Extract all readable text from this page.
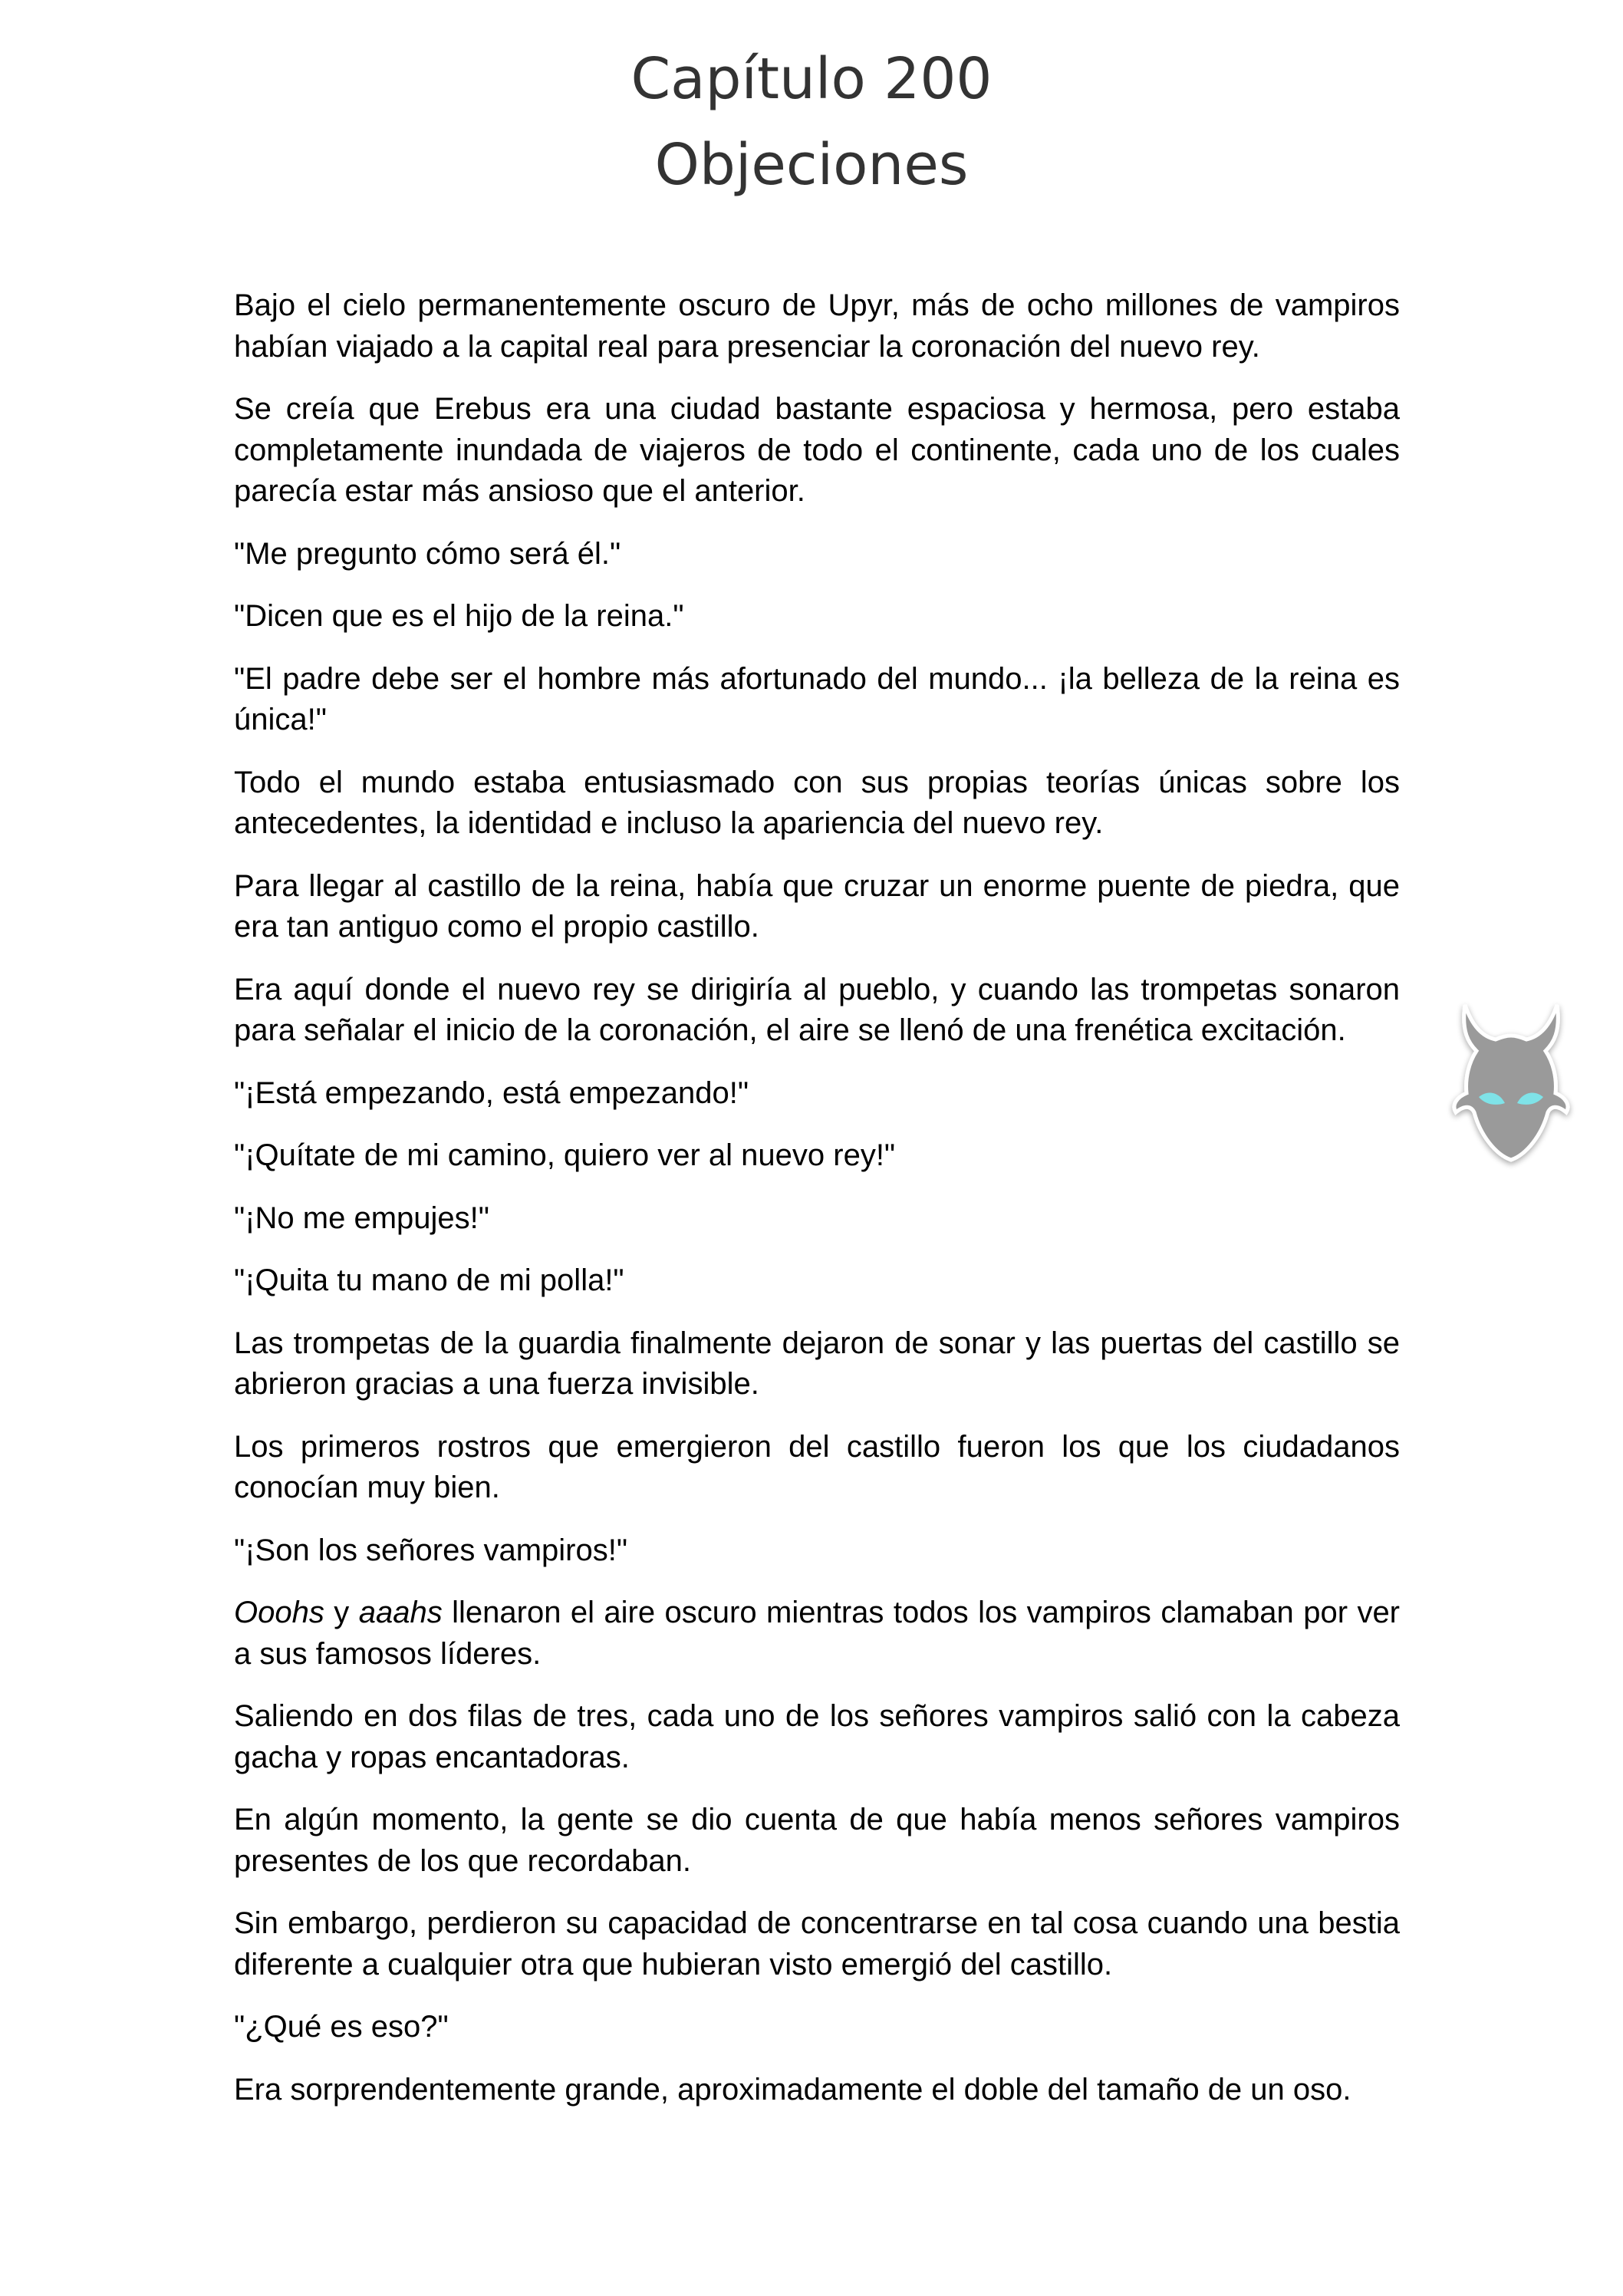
Capítulo 200
Objeciones

Bajo el cielo permanentemente oscuro de Upyr, más de ocho millones de vampiros habían viajado a la capital real para presenciar la coronación del nuevo rey.

Se creía que Erebus era una ciudad bastante espaciosa y hermosa, pero estaba completamente inundada de viajeros de todo el continente, cada uno de los cuales parecía estar más ansioso que el anterior.

"Me pregunto cómo será él."

"Dicen que es el hijo de la reina."

"El padre debe ser el hombre más afortunado del mundo... ¡la belleza de la reina es única!"

Todo el mundo estaba entusiasmado con sus propias teorías únicas sobre los antecedentes, la identidad e incluso la apariencia del nuevo rey.

Para llegar al castillo de la reina, había que cruzar un enorme puente de piedra, que era tan antiguo como el propio castillo.

Era aquí donde el nuevo rey se dirigiría al pueblo, y cuando las trompetas sonaron para señalar el inicio de la coronación, el aire se llenó de una frenética excitación.

"¡Está empezando, está empezando!"

"¡Quítate de mi camino, quiero ver al nuevo rey!"

"¡No me empujes!"

"¡Quita tu mano de mi polla!"

Las trompetas de la guardia finalmente dejaron de sonar y las puertas del castillo se abrieron gracias a una fuerza invisible.

Los primeros rostros que emergieron del castillo fueron los que los ciudadanos conocían muy bien.

"¡Son los señores vampiros!"

Ooohs y aaahs llenaron el aire oscuro mientras todos los vampiros clamaban por ver a sus famosos líderes.

Saliendo en dos filas de tres, cada uno de los señores vampiros salió con la cabeza gacha y ropas encantadoras.

En algún momento, la gente se dio cuenta de que había menos señores vampiros presentes de los que recordaban.

Sin embargo, perdieron su capacidad de concentrarse en tal cosa cuando una bestia diferente a cualquier otra que hubieran visto emergió del castillo.

"¿Qué es eso?"

Era sorprendentemente grande, aproximadamente el doble del tamaño de un oso.
